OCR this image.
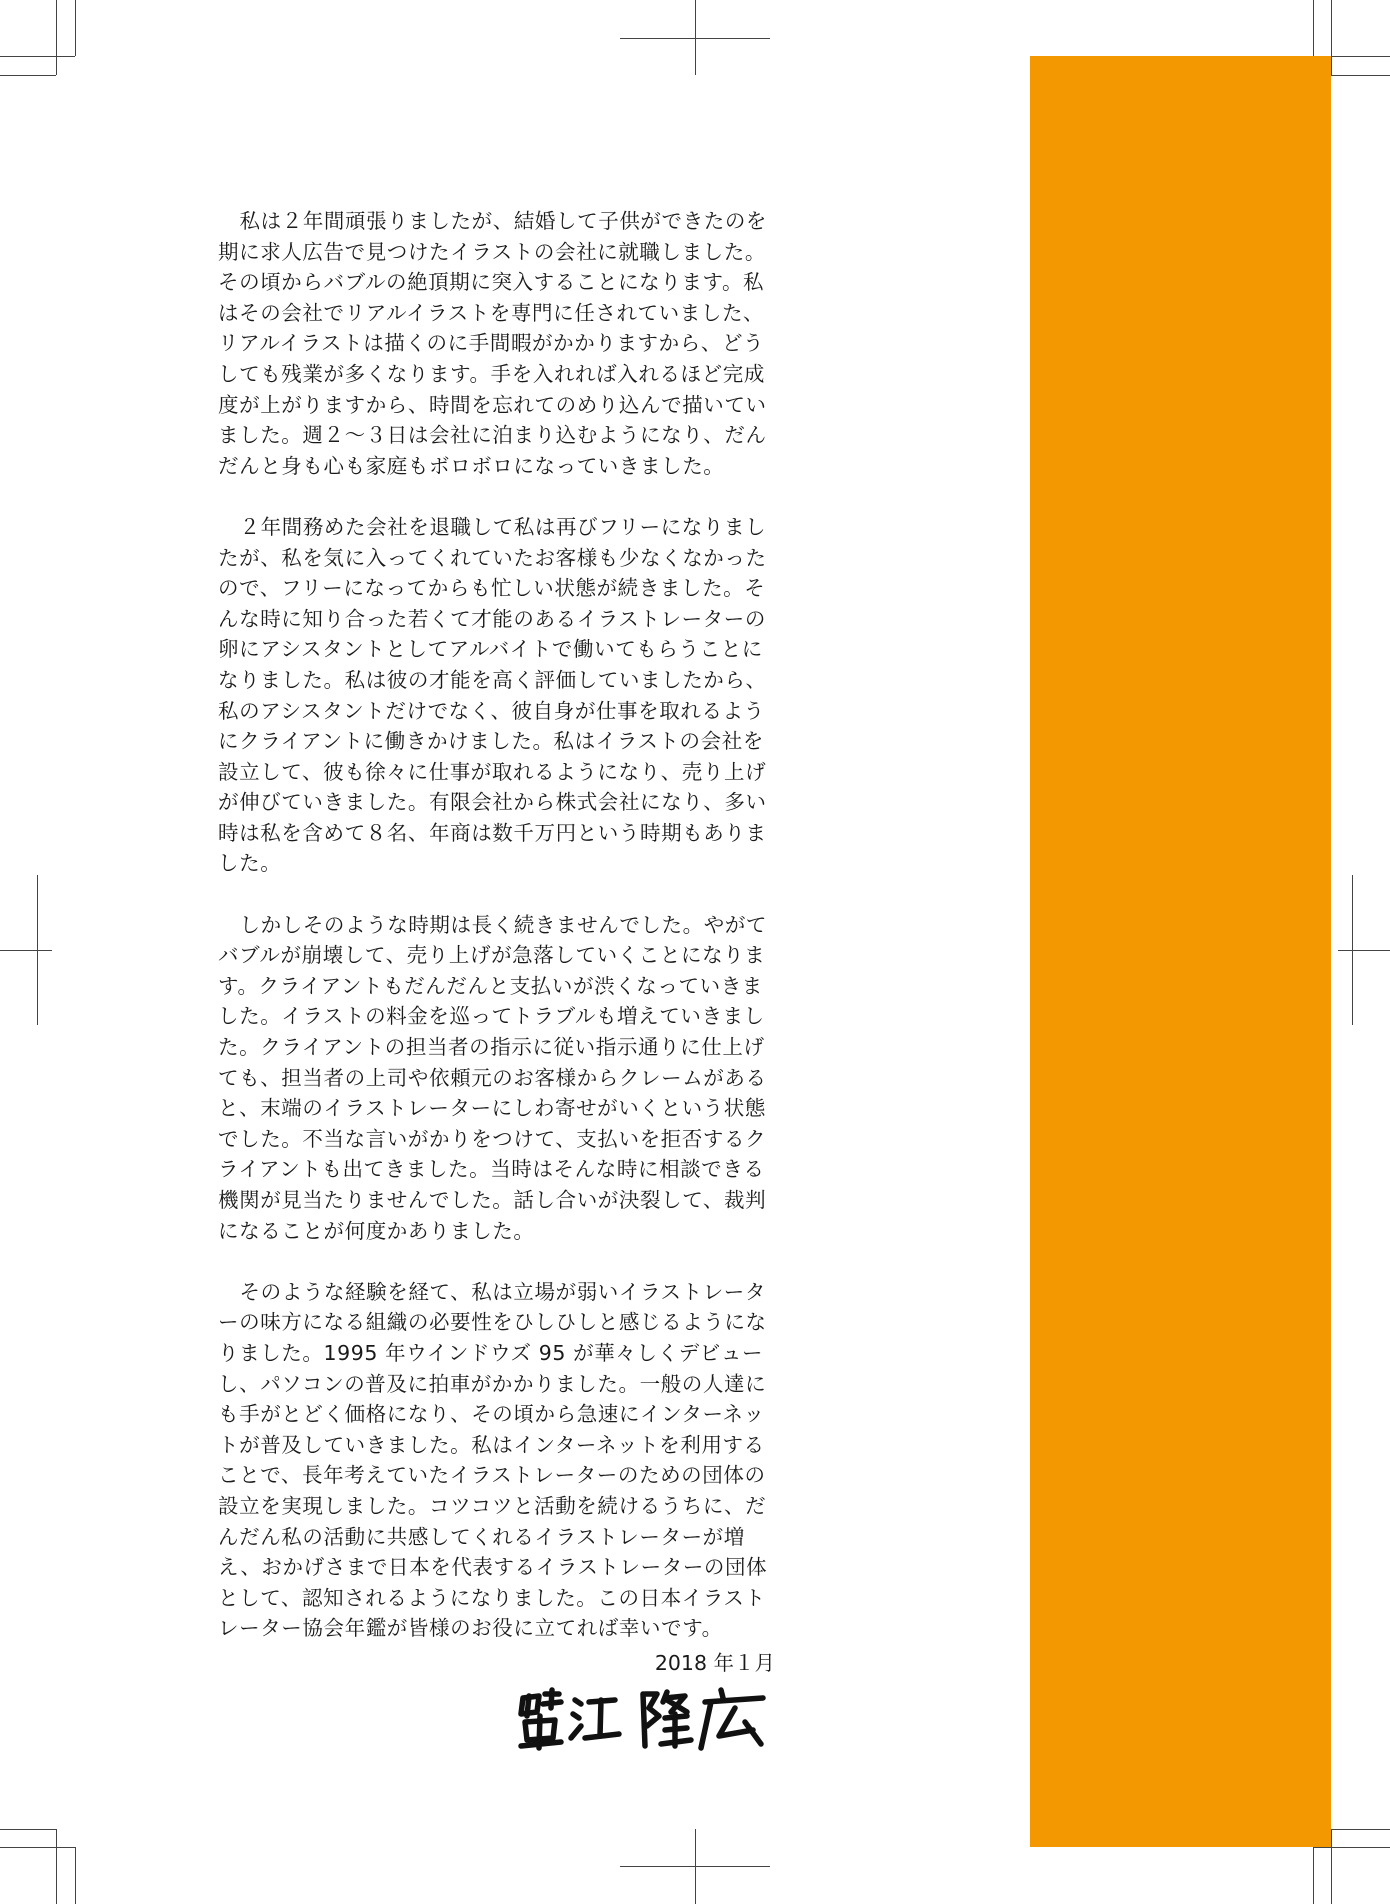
私は２年間頑張りましたが、結婚して子供ができたのを期に求人広告で見つけたイラストの会社に就職しました。その頃からバブルの絶頂期に突入することになります。私はその会社でリアルイラストを専門に任されていました、リアルイラストは描くのに手間暇がかかりますから、どうしても残業が多くなります。手を入れれば入れるほど完成度が上がりますから、時間を忘れてのめり込んで描いていました。週２〜３日は会社に泊まり込むようになり、だんだんと身も心も家庭もボロボロになっていきました。

２年間務めた会社を退職して私は再びフリーになりましたが、私を気に入ってくれていたお客様も少なくなかったので、フリーになってからも忙しい状態が続きました。そんな時に知り合った若くて才能のあるイラストレーターの卵にアシスタントとしてアルバイトで働いてもらうことになりました。私は彼の才能を高く評価していましたから、私のアシスタントだけでなく、彼自身が仕事を取れるようにクライアントに働きかけました。私はイラストの会社を設立して、彼も徐々に仕事が取れるようになり、売り上げが伸びていきました。有限会社から株式会社になり、多い時は私を含めて８名、年商は数千万円という時期もありました。

しかしそのような時期は長く続きませんでした。やがてバブルが崩壊して、売り上げが急落していくことになります。クライアントもだんだんと支払いが渋くなっていきました。イラストの料金を巡ってトラブルも増えていきました。クライアントの担当者の指示に従い指示通りに仕上げても、担当者の上司や依頼元のお客様からクレームがあると、末端のイラストレーターにしわ寄せがいくという状態でした。不当な言いがかりをつけて、支払いを拒否するクライアントも出てきました。当時はそんな時に相談できる機関が見当たりませんでした。話し合いが決裂して、裁判になることが何度かありました。

そのような経験を経て、私は立場が弱いイラストレーターの味方になる組織の必要性をひしひしと感じるようになりました。1995 年ウインドウズ 95 が華々しくデビューし、パソコンの普及に拍車がかかりました。一般の人達にも手がとどく価格になり、その頃から急速にインターネットが普及していきました。私はインターネットを利用することで、長年考えていたイラストレーターのための団体の設立を実現しました。コツコツと活動を続けるうちに、だんだん私の活動に共感してくれるイラストレーターが増え、おかげさまで日本を代表するイラストレーターの団体として、認知されるようになりました。この日本イラストレーター協会年鑑が皆様のお役に立てれば幸いです。

2018 年１月
